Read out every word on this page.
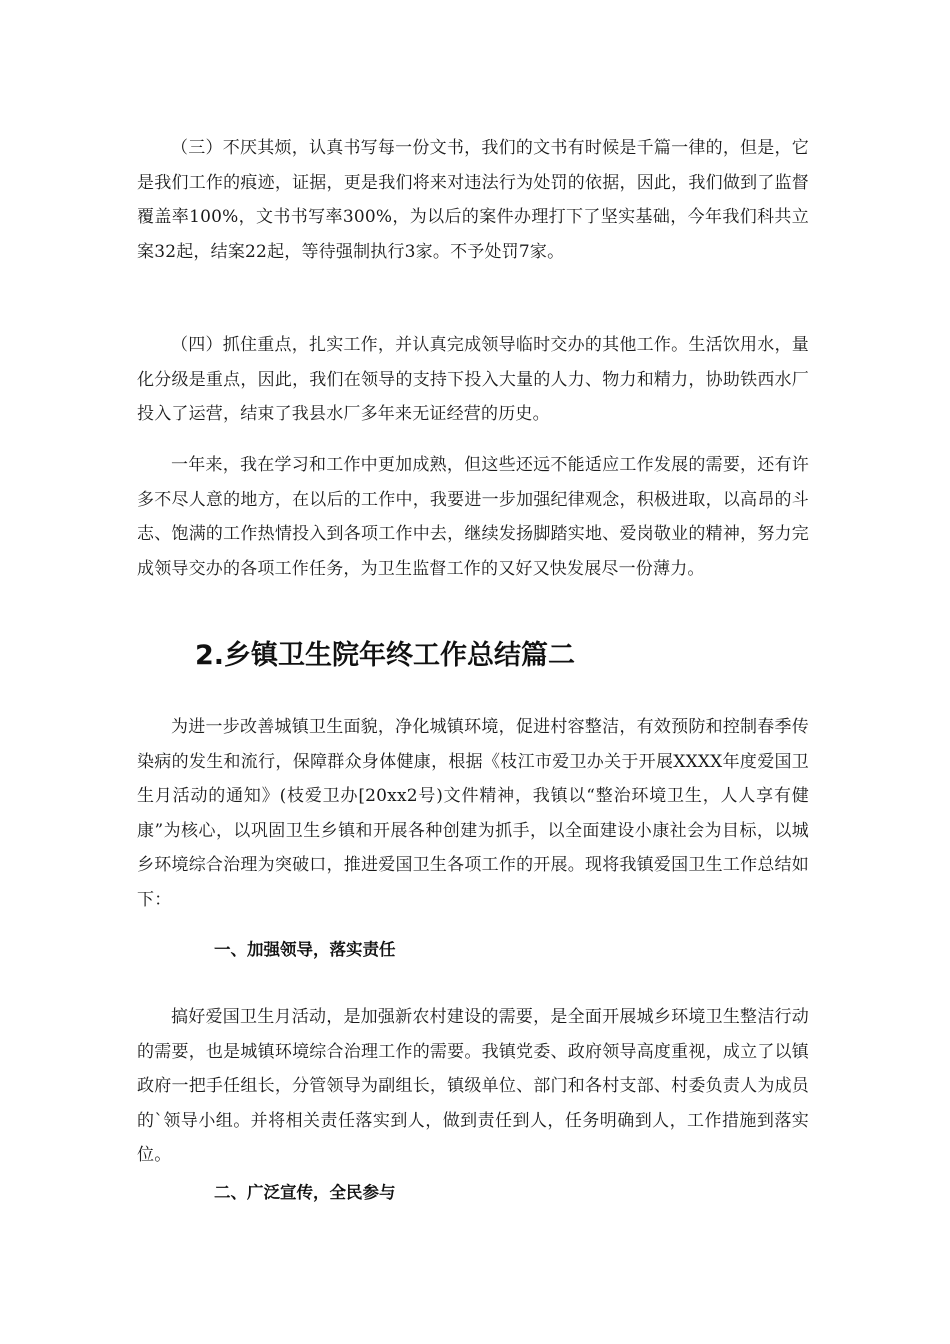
（三）不厌其烦，认真书写每一份文书，我们的文书有时候是千篇一律的，但是，它是我们工作的痕迹，证据，更是我们将来对违法行为处罚的依据，因此，我们做到了监督覆盖率100%，文书书写率300%，为以后的案件办理打下了坚实基础，今年我们科共立案32起，结案22起，等待强制执行3家。不予处罚7家。

（四）抓住重点，扎实工作，并认真完成领导临时交办的其他工作。生活饮用水，量化分级是重点，因此，我们在领导的支持下投入大量的人力、物力和精力，协助铁西水厂投入了运营，结束了我县水厂多年来无证经营的历史。

一年来，我在学习和工作中更加成熟，但这些还远不能适应工作发展的需要，还有许多不尽人意的地方，在以后的工作中，我要进一步加强纪律观念，积极进取，以高昂的斗志、饱满的工作热情投入到各项工作中去，继续发扬脚踏实地、爱岗敬业的精神，努力完成领导交办的各项工作任务，为卫生监督工作的又好又快发展尽一份薄力。

2.乡镇卫生院年终工作总结篇二

为进一步改善城镇卫生面貌，净化城镇环境，促进村容整洁，有效预防和控制春季传染病的发生和流行，保障群众身体健康，根据《枝江市爱卫办关于开展XXXX年度爱国卫生月活动的通知》(枝爱卫办[20xx2号)文件精神，我镇以“整治环境卫生，人人享有健康”为核心，以巩固卫生乡镇和开展各种创建为抓手，以全面建设小康社会为目标，以城乡环境综合治理为突破口，推进爱国卫生各项工作的开展。现将我镇爱国卫生工作总结如下：

一、加强领导，落实责任

搞好爱国卫生月活动，是加强新农村建设的需要，是全面开展城乡环境卫生整洁行动的需要，也是城镇环境综合治理工作的需要。我镇党委、政府领导高度重视，成立了以镇政府一把手任组长，分管领导为副组长，镇级单位、部门和各村支部、村委负责人为成员的`领导小组。并将相关责任落实到人，做到责任到人，任务明确到人，工作措施到落实位。

二、广泛宣传，全民参与
